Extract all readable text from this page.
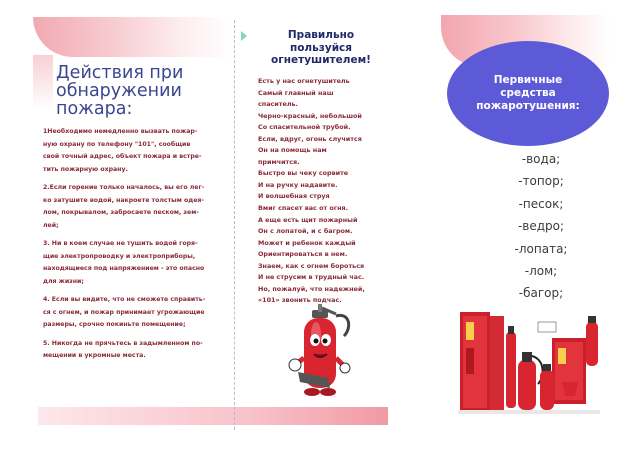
Действия при обнаружении пожара:

1Необходимо немедленно вызвать пожар-ную охрану по телефону "101", сообщив свой точный адрес, объект пожара и встре-тить пожарную охрану.

2.Если горение только началось, вы его лег-ко затушите водой, накроете толстым одея-лом, покрывалом, забросаете песком, зем-лей;

3. Ни в коем случае не тушить водой горя-щие электропроводку и электроприборы, находящиеся под напряжением - это опасно для жизни;

4. Если вы видите, что не сможете справить-ся с огнем, и пожар принимает угрожающие размеры, срочно покиньте помещение;

5. Никогда не прячьтесь в задымленном по-мещении в укромные места.

Правильно пользуйся огнетушителем!
Есть у нас огнетушитель
Самый главный наш
спаситель.
Черно-красный, небольшой
Со спасительной трубой.
Если, вдруг, огонь случится
Он на помощь нам
примчится.
Быстро вы чеку сорвите
И на ручку надавите.
И волшебная струя
Вмиг спасет вас от огня.
А еще есть щит пожарный
Он с лопатой, и с багром.
Может и ребенок каждый
Ориентироваться в нем.
Знаем, как с огнем бороться
И не струсим в трудный час.
Но, пожалуй, что надежней,
«101» звонить подчас.
Первичные средства пожаротушения:
-вода;
-топор;
-песок;
-ведро;
-лопата;
-лом;
-багор;
